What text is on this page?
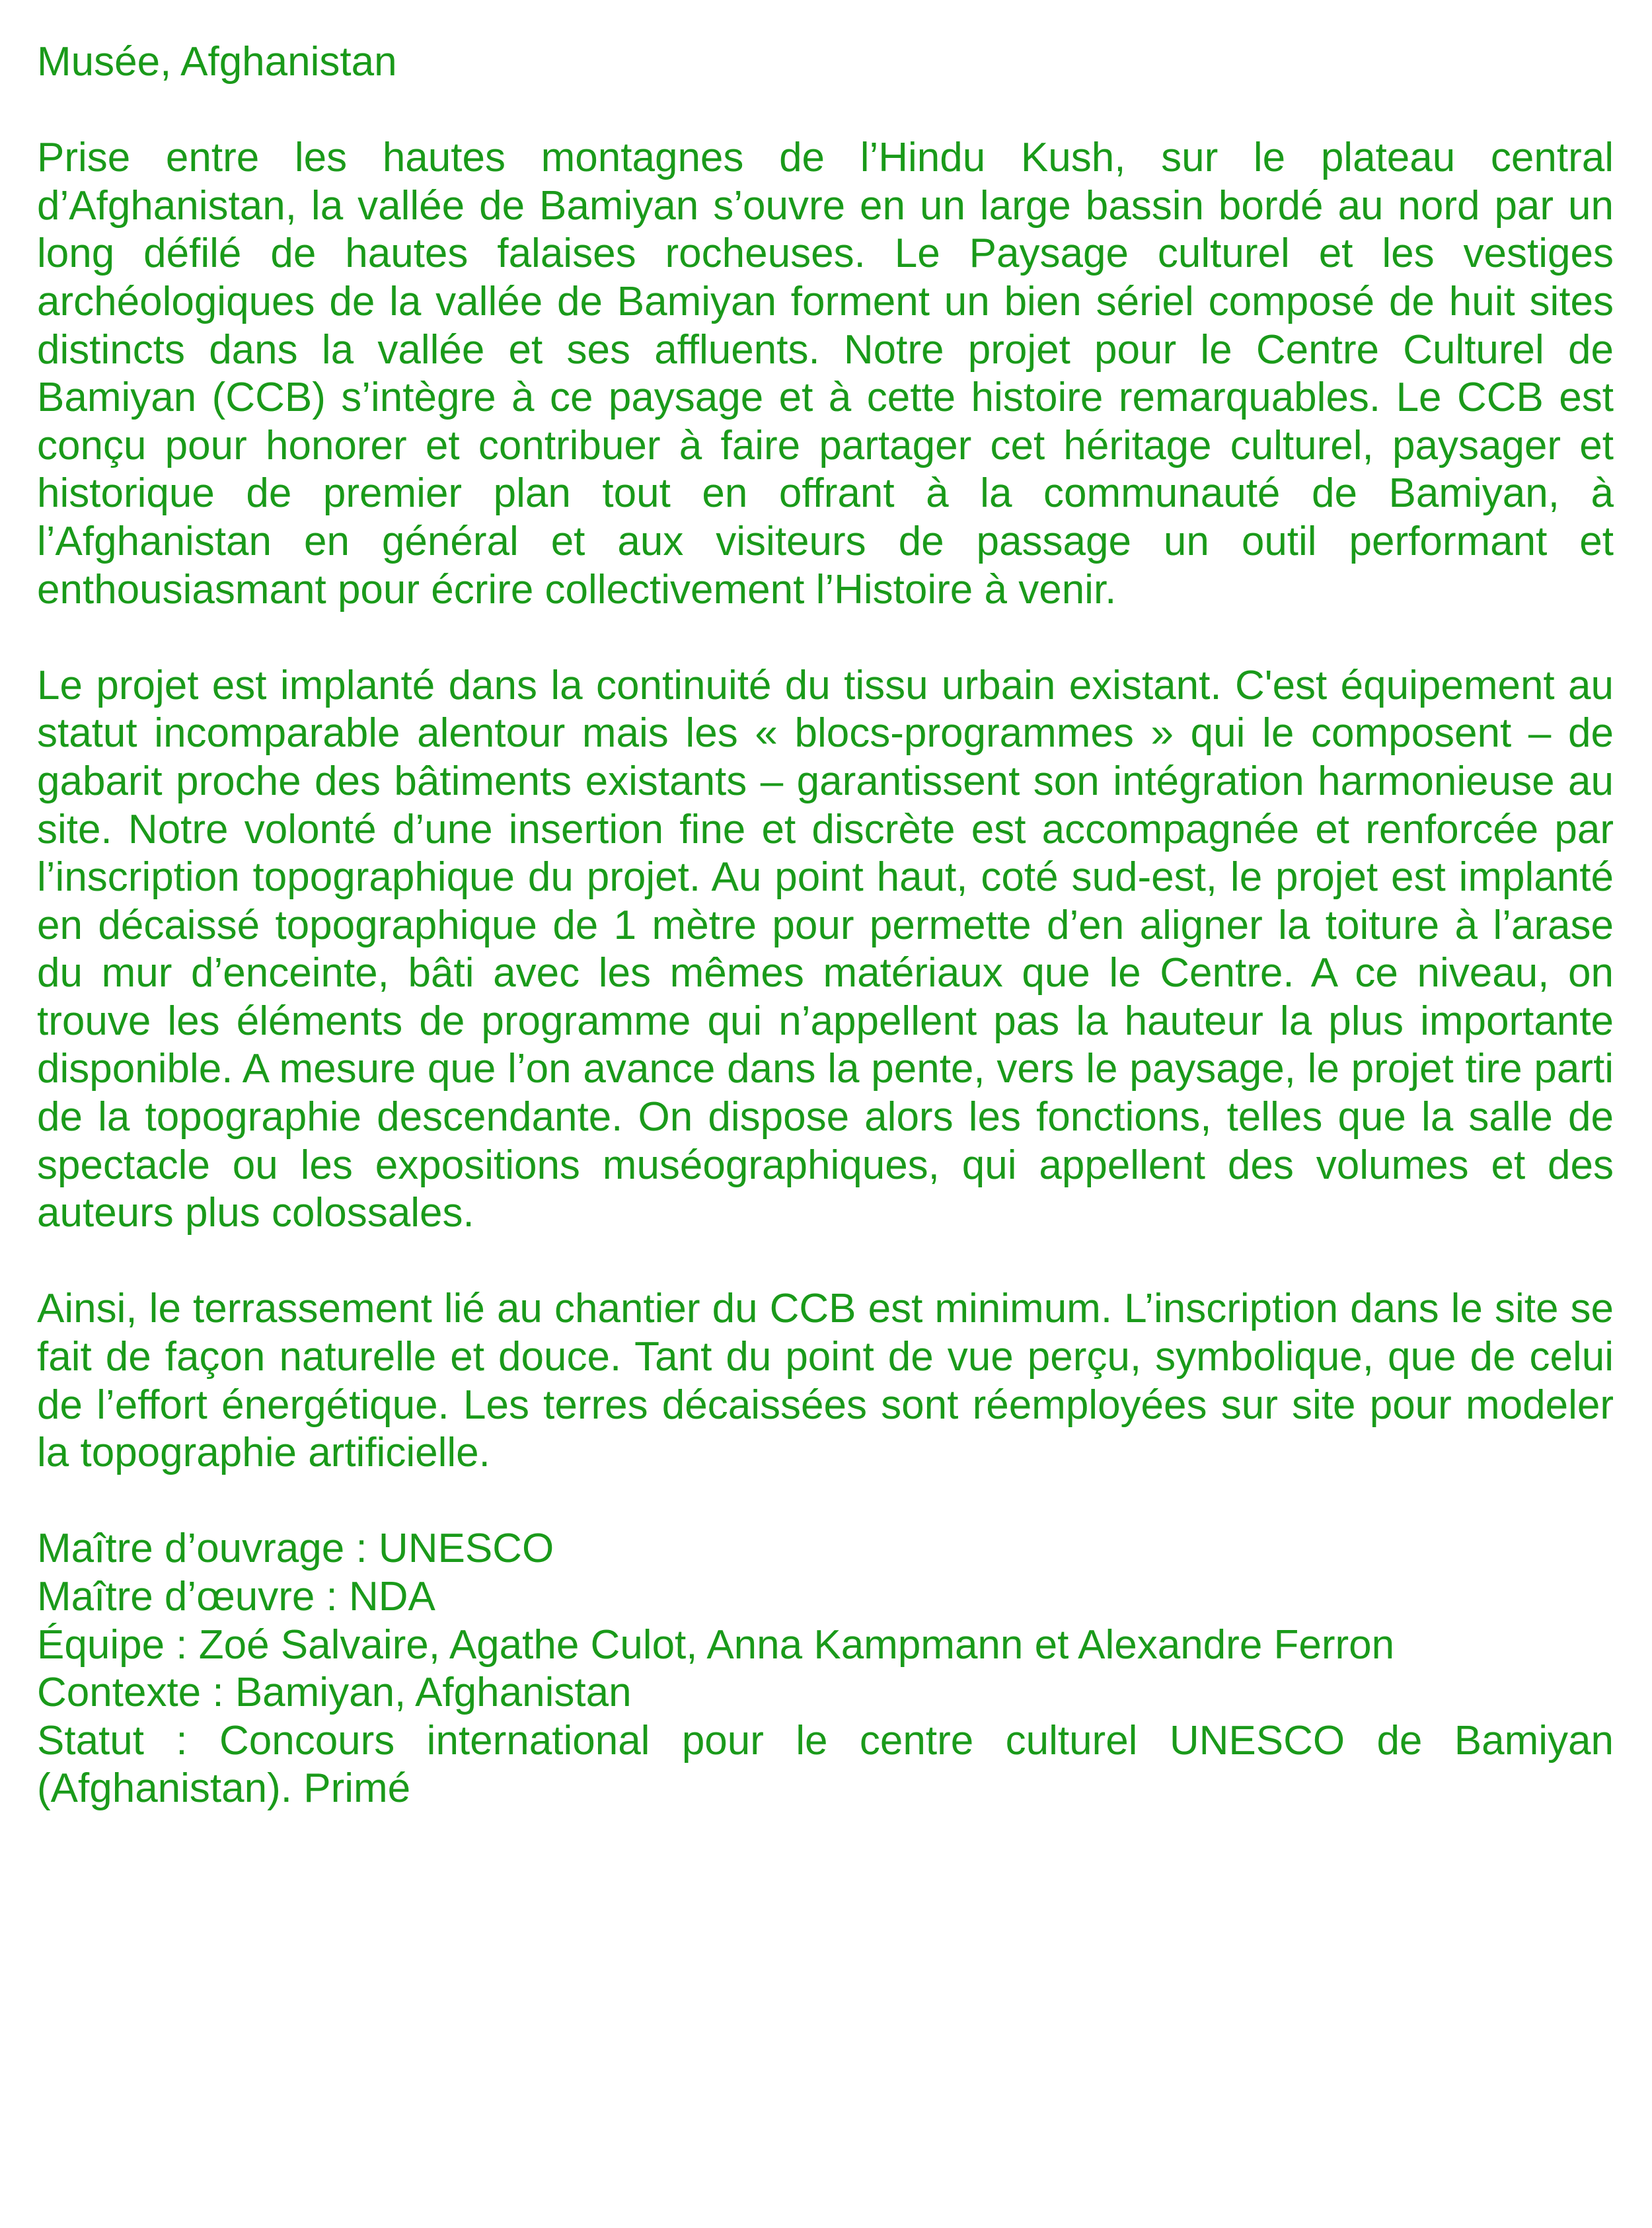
Musée, Afghanistan

Prise entre les hautes montagnes de l’Hindu Kush, sur le plateau central d’Afghanistan, la vallée de Bamiyan s’ouvre en un large bassin bordé au nord par un long défilé de hautes falaises rocheuses. Le Paysage culturel et les vestiges archéologiques de la vallée de Bamiyan forment un bien sériel composé de huit sites distincts dans la vallée et ses affluents. Notre projet pour le Centre Culturel de Bamiyan (CCB) s’intègre à ce paysage et à cette histoire remarquables. Le CCB est conçu pour honorer et contribuer à faire partager cet héritage culturel, paysager et historique de premier plan tout en offrant à la communauté de Bamiyan, à l’Afghanistan en général et aux visiteurs de passage un outil performant et enthousiasmant pour écrire collectivement l’Histoire à venir.

Le projet est implanté dans la continuité du tissu urbain existant. C'est équipement au statut incomparable alentour mais les « blocs-programmes » qui le composent – de gabarit proche des bâtiments existants – garantissent son intégration harmonieuse au site. Notre volonté d’une insertion fine et discrète est accompagnée et renforcée par l’inscription topographique du projet. Au point haut, coté sud-est, le projet est implanté en décaissé topographique de 1 mètre pour permette d’en aligner la toiture à l’arase du mur d’enceinte, bâti avec les mêmes matériaux que le Centre. A ce niveau, on trouve les éléments de programme qui n’appellent pas la hauteur la plus importante disponible. A mesure que l’on avance dans la pente, vers le paysage, le projet tire parti de la topographie descendante. On dispose alors les fonctions, telles que la salle de spectacle ou les expositions muséographiques, qui appellent des volumes et des auteurs plus colossales.

Ainsi, le terrassement lié au chantier du CCB est minimum. L’inscription dans le site se fait de façon naturelle et douce. Tant du point de vue perçu, symbolique, que de celui de l’effort énergétique. Les terres décaissées sont réemployées sur site pour modeler la topographie artificielle.

Maître d’ouvrage : UNESCO

Maître d’œuvre : NDA

Équipe : Zoé Salvaire, Agathe Culot, Anna Kampmann et Alexandre Ferron

Contexte : Bamiyan, Afghanistan

Statut : Concours international pour le centre culturel UNESCO de Bamiyan (Afghanistan). Primé
